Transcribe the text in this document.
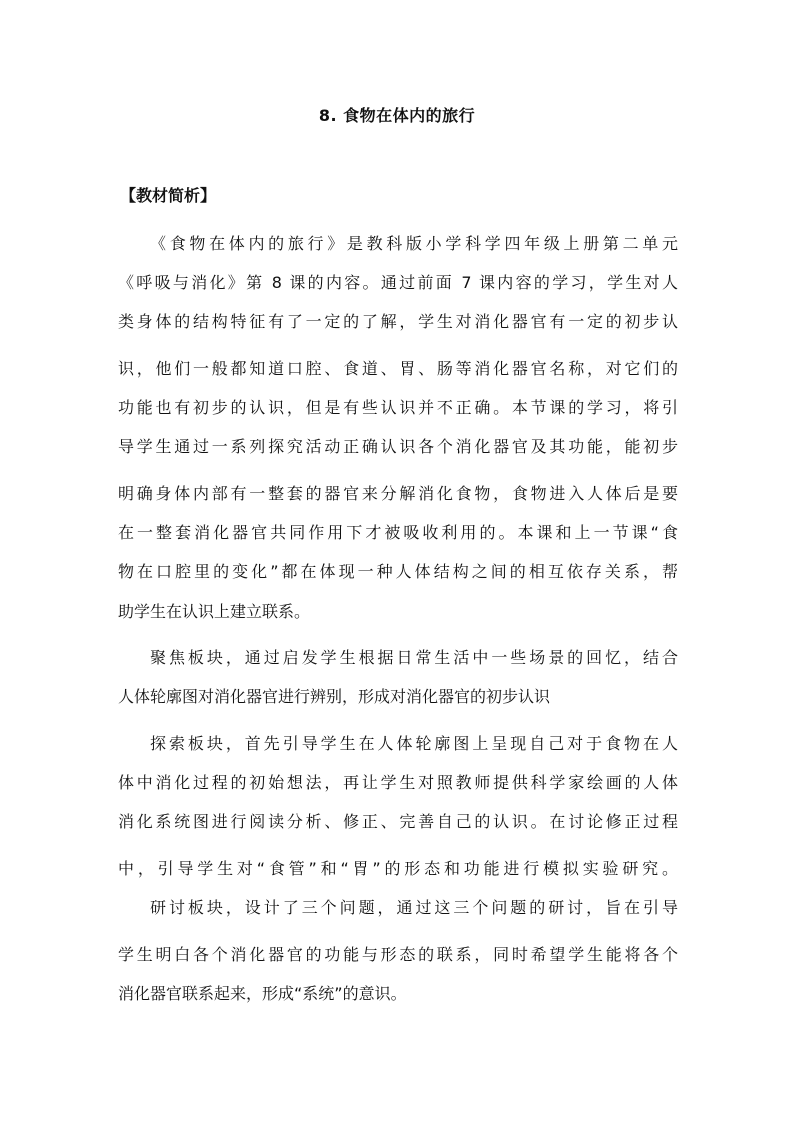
8. 食物在体内的旅行
【教材简析】
《食物在体内的旅行》是教科版小学科学四年级上册第二单元
《呼吸与消化》第 8 课的内容。通过前面 7 课内容的学习，学生对人
类身体的结构特征有了一定的了解，学生对消化器官有一定的初步认
识，他们一般都知道口腔、食道、胃、肠等消化器官名称，对它们的
功能也有初步的认识，但是有些认识并不正确。本节课的学习，将引
导学生通过一系列探究活动正确认识各个消化器官及其功能，能初步
明确身体内部有一整套的器官来分解消化食物，食物进入人体后是要
在一整套消化器官共同作用下才被吸收利用的。本课和上一节课“食
物在口腔里的变化”都在体现一种人体结构之间的相互依存关系，帮
助学生在认识上建立联系。
聚焦板块，通过启发学生根据日常生活中一些场景的回忆，结合
人体轮廓图对消化器官进行辨别，形成对消化器官的初步认识
探索板块，首先引导学生在人体轮廓图上呈现自己对于食物在人
体中消化过程的初始想法，再让学生对照教师提供科学家绘画的人体
消化系统图进行阅读分析、修正、完善自己的认识。在讨论修正过程
中，引导学生对“食管”和“胃”的形态和功能进行模拟实验研究。
研讨板块，设计了三个问题，通过这三个问题的研讨，旨在引导
学生明白各个消化器官的功能与形态的联系，同时希望学生能将各个
消化器官联系起来，形成“系统”的意识。
